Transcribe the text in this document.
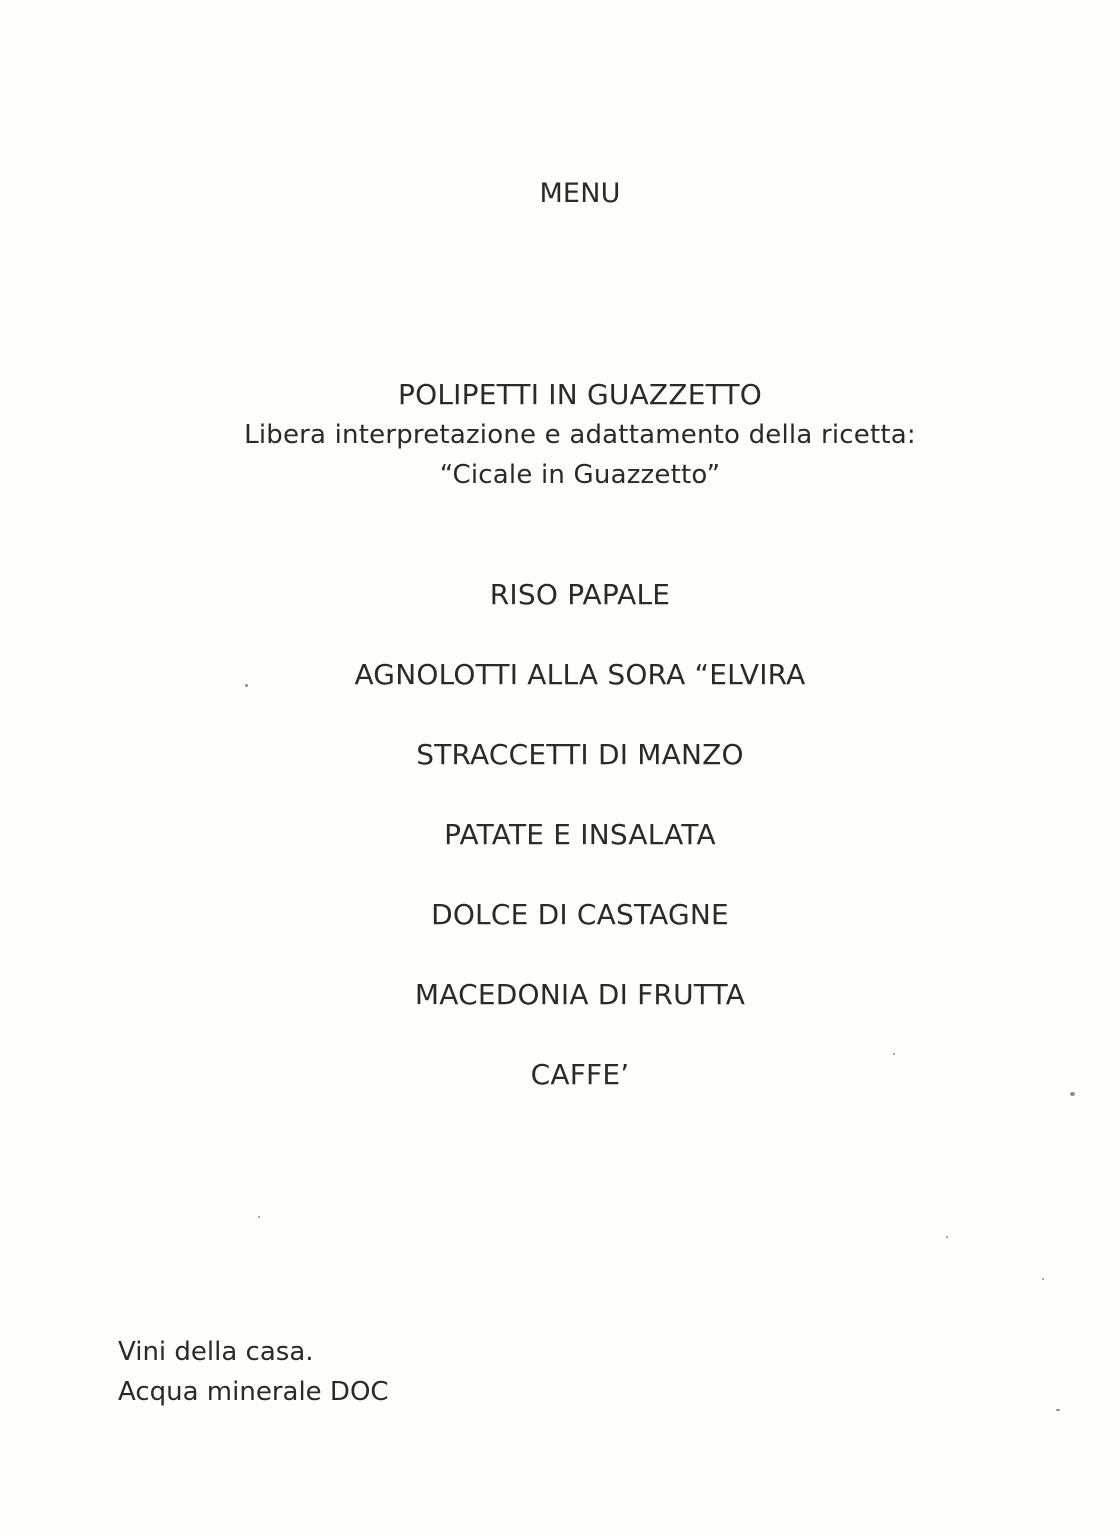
MENU
POLIPETTI IN GUAZZETTO
Libera interpretazione e adattamento della ricetta:
“Cicale in Guazzetto”
RISO PAPALE
AGNOLOTTI ALLA SORA “ELVIRA
STRACCETTI DI MANZO
PATATE E INSALATA
DOLCE DI CASTAGNE
MACEDONIA DI FRUTTA
CAFFE’
Vini della casa.
Acqua minerale DOC
